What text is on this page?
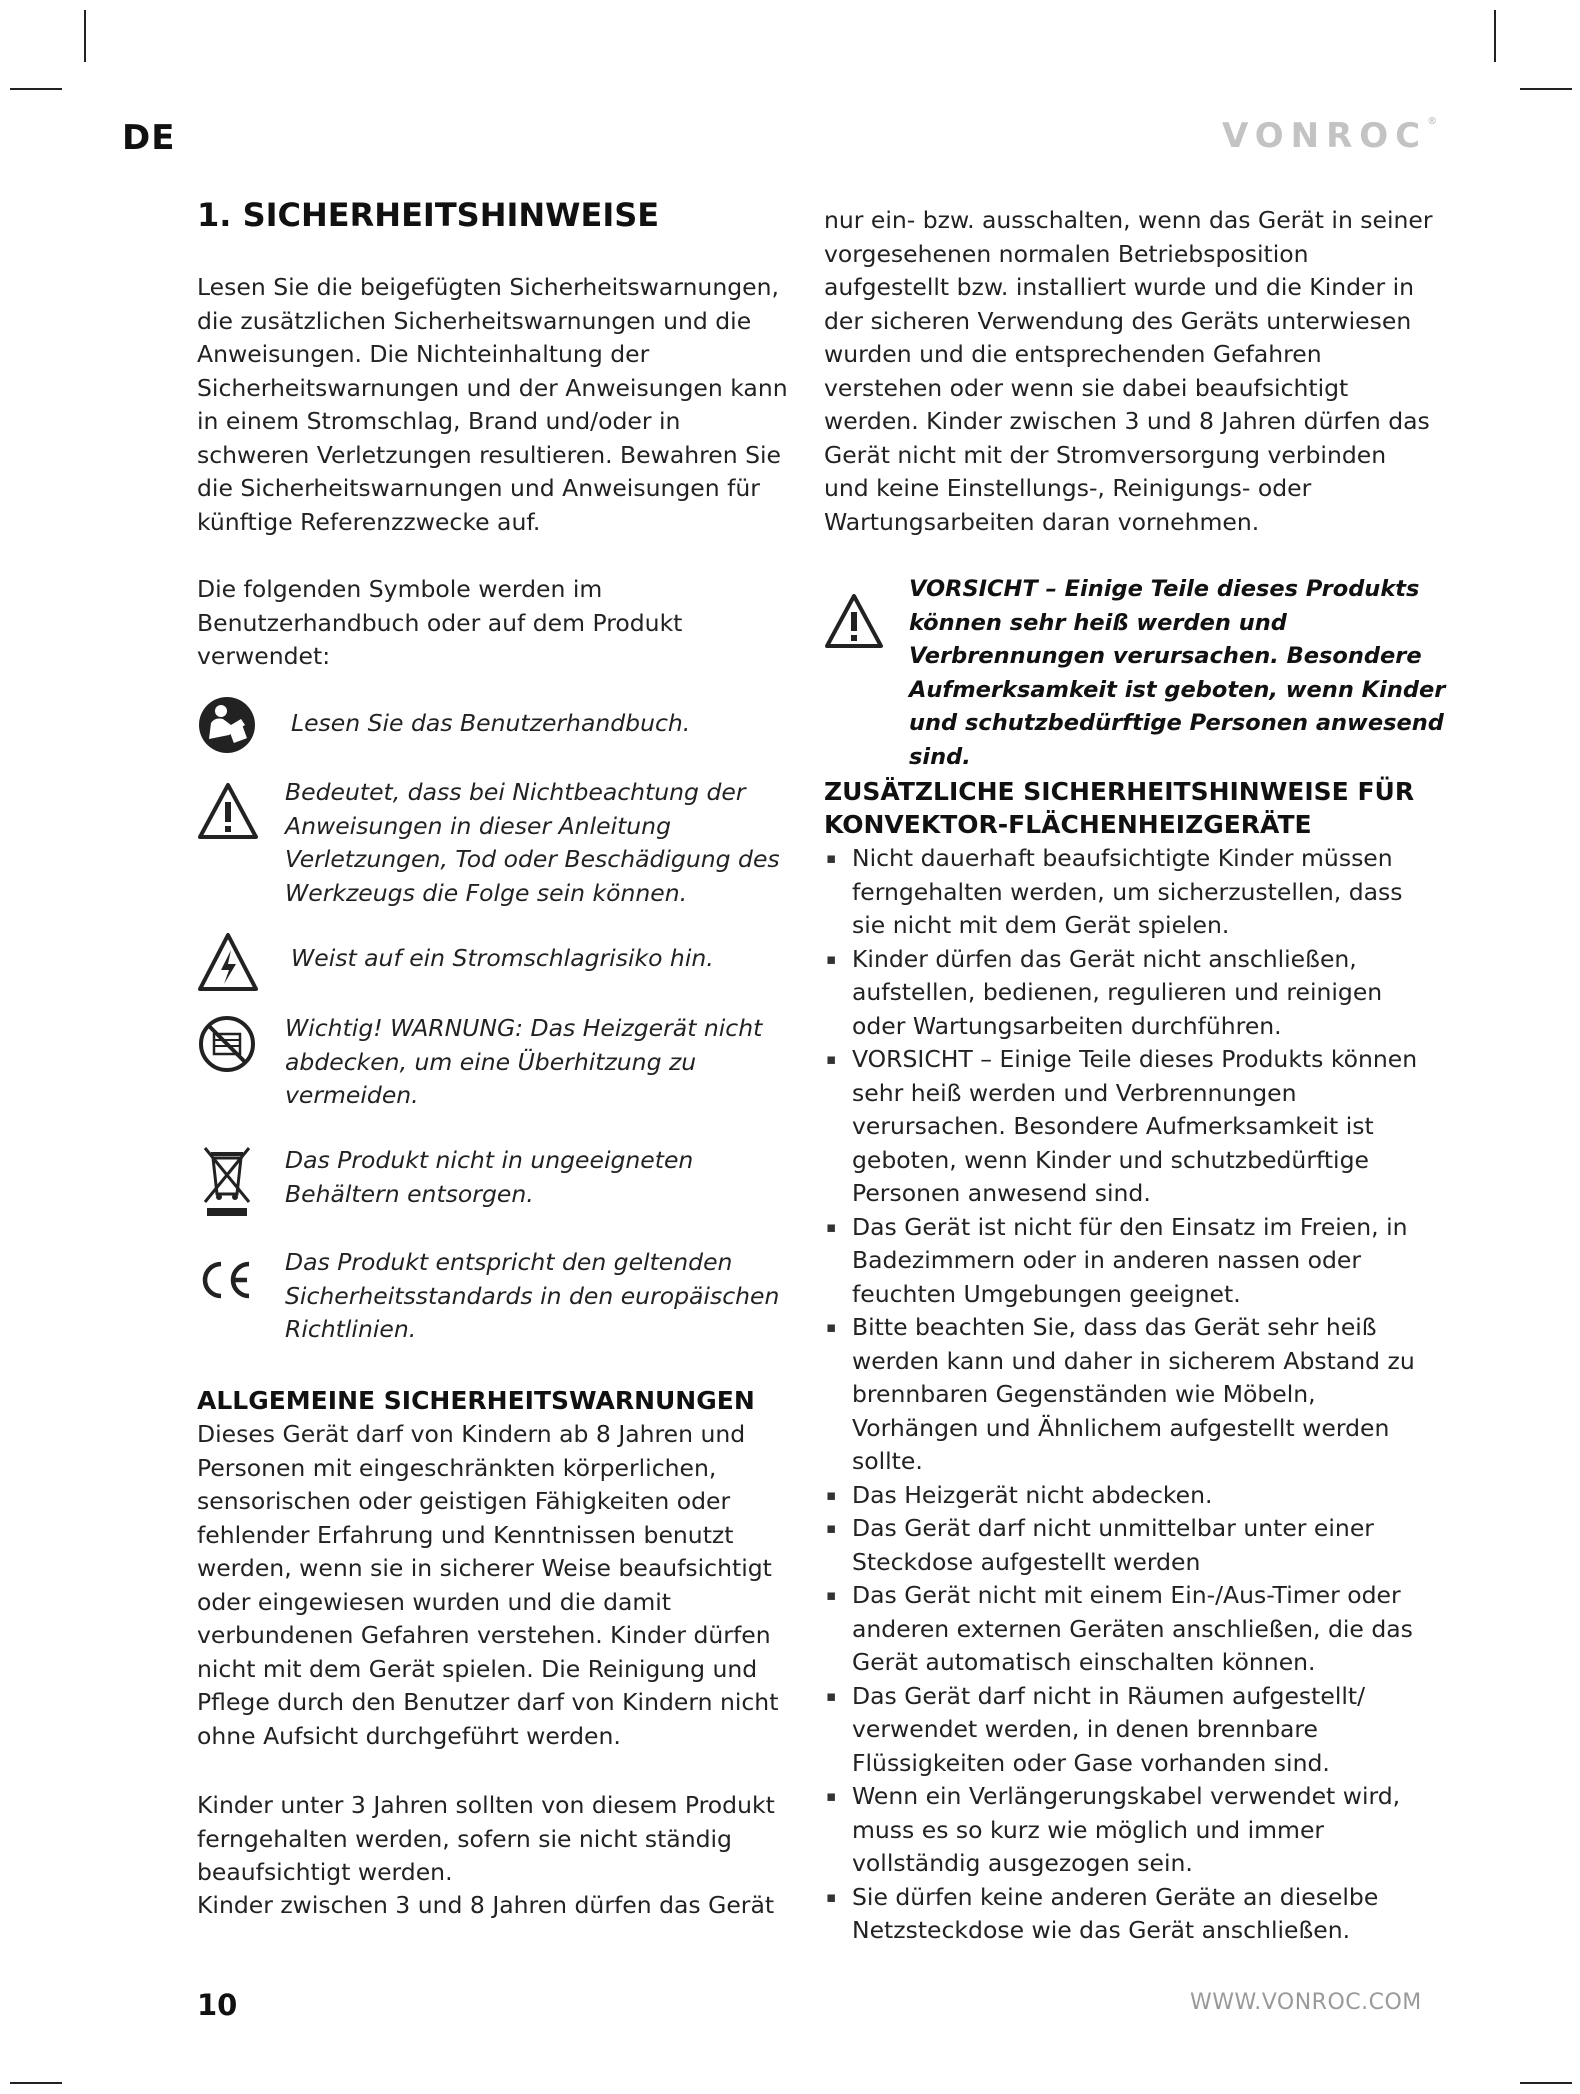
DE	VONROC®
1. SICHERHEITSHINWEISE

Lesen Sie die beigefügten Sicherheitswarnungen, die zusätzlichen Sicherheitswarnungen und die Anweisungen. Die Nichteinhaltung der Sicherheitswarnungen und der Anweisungen kann in einem Stromschlag, Brand und/oder in schweren Verletzungen resultieren. Bewahren Sie die Sicherheitswarnungen und Anweisungen für künftige Referenzzwecke auf.

Die folgenden Symbole werden im Benutzerhandbuch oder auf dem Produkt verwendet:

Lesen Sie das Benutzerhandbuch.

Bedeutet, dass bei Nichtbeachtung der Anweisungen in dieser Anleitung Verletzungen, Tod oder Beschädigung des Werkzeugs die Folge sein können.

Weist auf ein Stromschlagrisiko hin.

Wichtig! WARNUNG: Das Heizgerät nicht abdecken, um eine Überhitzung zu vermeiden.

Das Produkt nicht in ungeeigneten Behältern entsorgen.

Das Produkt entspricht den geltenden Sicherheitsstandards in den europäischen Richtlinien.

ALLGEMEINE SICHERHEITSWARNUNGEN

Dieses Gerät darf von Kindern ab 8 Jahren und Personen mit eingeschränkten körperlichen, sensorischen oder geistigen Fähigkeiten oder fehlender Erfahrung und Kenntnissen benutzt werden, wenn sie in sicherer Weise beaufsichtigt oder eingewiesen wurden und die damit verbundenen Gefahren verstehen. Kinder dürfen nicht mit dem Gerät spielen. Die Reinigung und Pflege durch den Benutzer darf von Kindern nicht ohne Aufsicht durchgeführt werden.

Kinder unter 3 Jahren sollten von diesem Produkt ferngehalten werden, sofern sie nicht ständig beaufsichtigt werden.

Kinder zwischen 3 und 8 Jahren dürfen das Gerät

nur ein- bzw. ausschalten, wenn das Gerät in seiner vorgesehenen normalen Betriebsposition aufgestellt bzw. installiert wurde und die Kinder in der sicheren Verwendung des Geräts unterwiesen wurden und die entsprechenden Gefahren verstehen oder wenn sie dabei beaufsichtigt werden. Kinder zwischen 3 und 8 Jahren dürfen das Gerät nicht mit der Stromversorgung verbinden und keine Einstellungs-, Reinigungs- oder Wartungsarbeiten daran vornehmen.

VORSICHT – Einige Teile dieses Produkts können sehr heiß werden und Verbrennungen verursachen. Besondere Aufmerksamkeit ist geboten, wenn Kinder und schutzbedürftige Personen anwesend sind.

ZUSÄTZLICHE SICHERHEITSHINWEISE FÜR KONVEKTOR-FLÄCHENHEIZGERÄTE
▪ Nicht dauerhaft beaufsichtigte Kinder müssen ferngehalten werden, um sicherzustellen, dass sie nicht mit dem Gerät spielen.
▪ Kinder dürfen das Gerät nicht anschließen, aufstellen, bedienen, regulieren und reinigen oder Wartungsarbeiten durchführen.
▪ VORSICHT – Einige Teile dieses Produkts können sehr heiß werden und Verbrennungen verursachen. Besondere Aufmerksamkeit ist geboten, wenn Kinder und schutzbedürftige Personen anwesend sind.
▪ Das Gerät ist nicht für den Einsatz im Freien, in Badezimmern oder in anderen nassen oder feuchten Umgebungen geeignet.
▪ Bitte beachten Sie, dass das Gerät sehr heiß werden kann und daher in sicherem Abstand zu brennbaren Gegenständen wie Möbeln, Vorhängen und Ähnlichem aufgestellt werden sollte.
▪ Das Heizgerät nicht abdecken.
▪ Das Gerät darf nicht unmittelbar unter einer Steckdose aufgestellt werden
▪ Das Gerät nicht mit einem Ein-/Aus-Timer oder anderen externen Geräten anschließen, die das Gerät automatisch einschalten können.
▪ Das Gerät darf nicht in Räumen aufgestellt/ verwendet werden, in denen brennbare Flüssigkeiten oder Gase vorhanden sind.
▪ Wenn ein Verlängerungskabel verwendet wird, muss es so kurz wie möglich und immer vollständig ausgezogen sein.
▪ Sie dürfen keine anderen Geräte an dieselbe Netzsteckdose wie das Gerät anschließen.
10	WWW.VONROC.COM
